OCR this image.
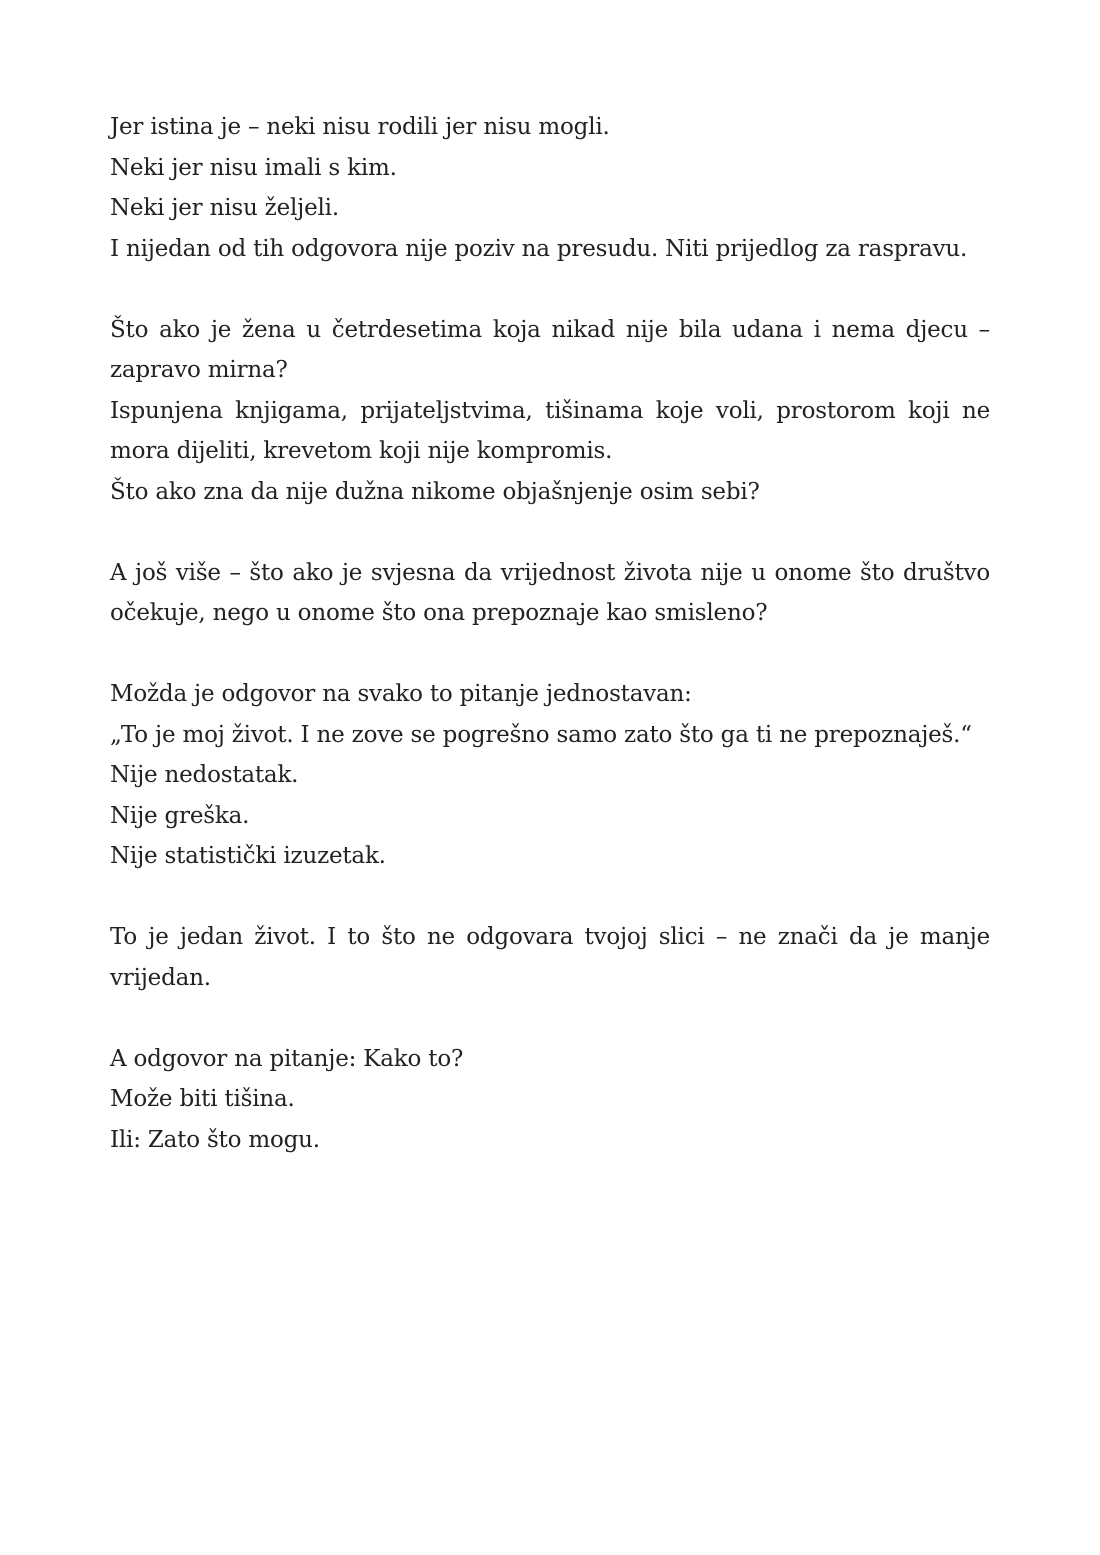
Jer istina je – neki nisu rodili jer nisu mogli.
Neki jer nisu imali s kim.
Neki jer nisu željeli.
I nijedan od tih odgovora nije poziv na presudu. Niti prijedlog za raspravu.
Što ako je žena u četrdesetima koja nikad nije bila udana i nema djecu – zapravo mirna?
Ispunjena knjigama, prijateljstvima, tišinama koje voli, prostorom koji ne mora dijeliti, krevetom koji nije kompromis.
Što ako zna da nije dužna nikome objašnjenje osim sebi?
A još više – što ako je svjesna da vrijednost života nije u onome što društvo očekuje, nego u onome što ona prepoznaje kao smisleno?
Možda je odgovor na svako to pitanje jednostavan:
„To je moj život. I ne zove se pogrešno samo zato što ga ti ne prepoznaješ.“
Nije nedostatak.
Nije greška.
Nije statistički izuzetak.
To je jedan život. I to što ne odgovara tvojoj slici – ne znači da je manje vrijedan.
A odgovor na pitanje: Kako to?
Može biti tišina.
Ili: Zato što mogu.
